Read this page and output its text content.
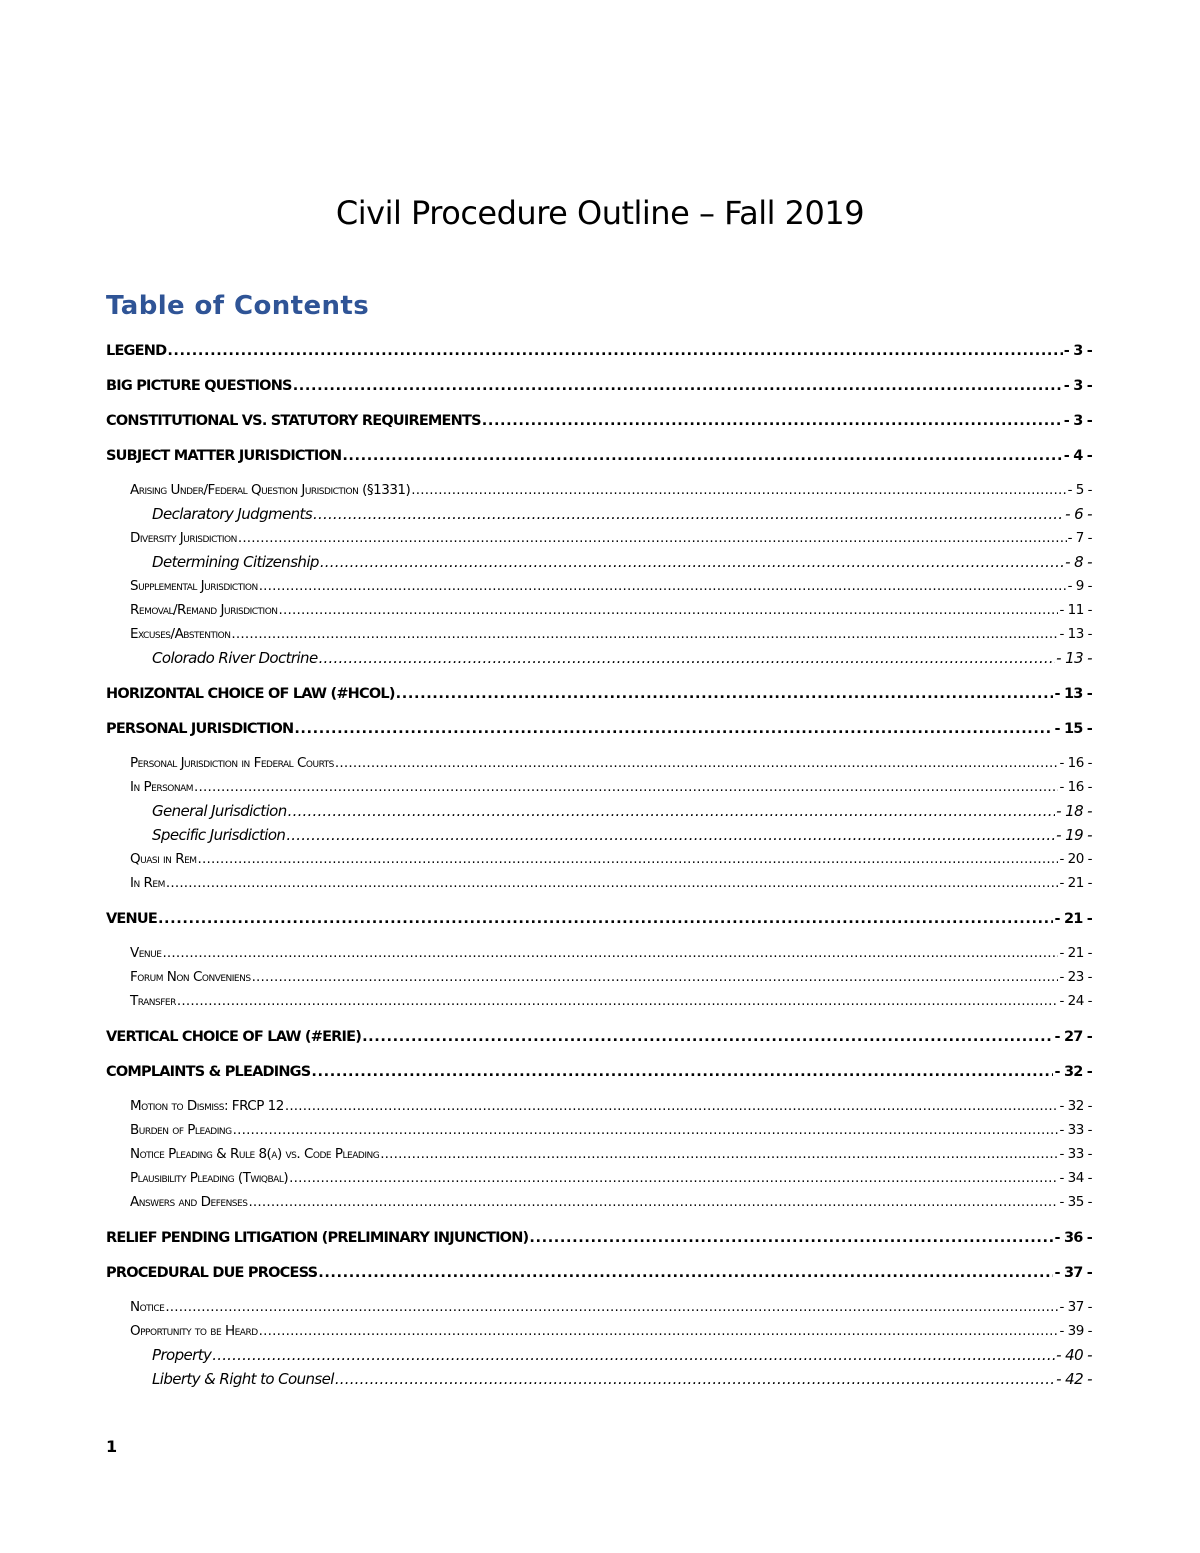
Civil Procedure Outline – Fall 2019
Table of Contents
LEGEND .....	- 3 -
BIG PICTURE QUESTIONS .....	- 3 -
CONSTITUTIONAL VS. STATUTORY REQUIREMENTS .....	- 3 -
SUBJECT MATTER JURISDICTION .....	- 4 -
Arising Under/Federal Question Jurisdiction (§1331) .....	- 5 -
Declaratory Judgments .....	- 6 -
Diversity Jurisdiction .....	- 7 -
Determining Citizenship .....	- 8 -
Supplemental Jurisdiction .....	- 9 -
Removal/Remand Jurisdiction .....	- 11 -
Excuses/Abstention .....	- 13 -
Colorado River Doctrine .....	- 13 -
HORIZONTAL CHOICE OF LAW (#HCOL) .....	- 13 -
PERSONAL JURISDICTION .....	- 15 -
Personal Jurisdiction in Federal Courts .....	- 16 -
In Personam .....	- 16 -
General Jurisdiction .....	- 18 -
Specific Jurisdiction .....	- 19 -
Quasi in Rem .....	- 20 -
In Rem .....	- 21 -
VENUE .....	- 21 -
Venue .....	- 21 -
Forum Non Conveniens .....	- 23 -
Transfer .....	- 24 -
VERTICAL CHOICE OF LAW (#ERIE) .....	- 27 -
COMPLAINTS & PLEADINGS .....	- 32 -
Motion to Dismiss: FRCP 12 .....	- 32 -
Burden of Pleading .....	- 33 -
Notice Pleading & Rule 8(a) vs. Code Pleading .....	- 33 -
Plausibility Pleading (Twiqbal) .....	- 34 -
Answers and Defenses .....	- 35 -
RELIEF PENDING LITIGATION (PRELIMINARY INJUNCTION) .....	- 36 -
PROCEDURAL DUE PROCESS .....	- 37 -
Notice .....	- 37 -
Opportunity to be Heard .....	- 39 -
Property .....	- 40 -
Liberty & Right to Counsel .....	- 42 -
1
